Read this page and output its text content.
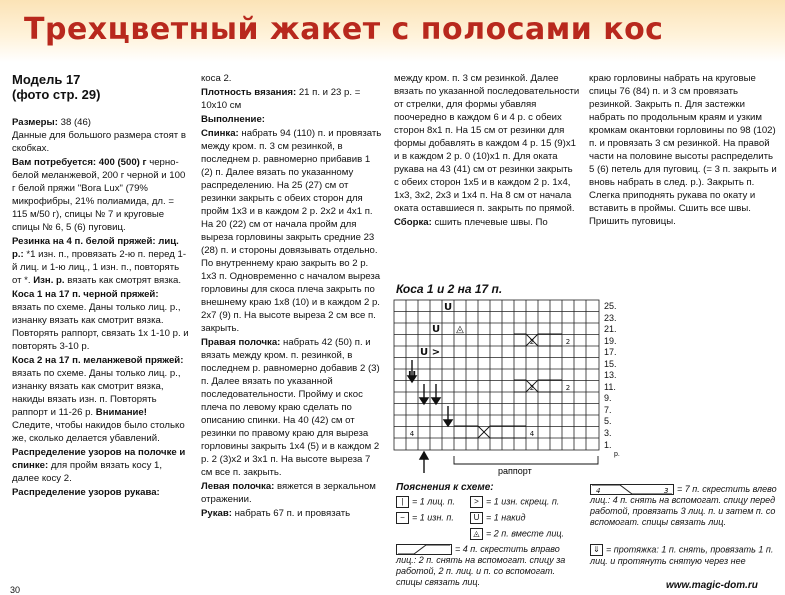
Трехцветный жакет с полосами кос

Модель 17
(фото стр. 29)

Размеры: 38 (46)
Данные для большого размера стоят в скобках.

Вам потребуется: 400 (500) г черно-белой меланжевой, 200 г черной и 100 г белой пряжи "Bora Lux" (79% микрофибры, 21% полиамида, дл. = 115 м/50 г), спицы № 7 и круговые спицы № 6, 5 (6) пуговиц.

Резинка на 4 п. белой пряжей: лиц. р.: *1 изн. п., провязать 2-ю п. перед 1-й лиц. и 1-ю лиц., 1 изн. п., повторять от *. Изн. р. вязать как смотрят вязка.

Коса 1 на 17 п. черной пряжей: вязать по схеме. Даны только лиц. р., изнанку вязать как смотрит вязка. Повторять раппорт, связать 1х 1-10 р. и повторять 3-10 р.

Коса 2 на 17 п. меланжевой пряжей: вязать по схеме. Даны только лиц. р., изнанку вязать как смотрит вязка, накиды вязать изн. п. Повторять раппорт и 11-26 р. Внимание! Следите, чтобы накидов было столько же, сколько делается убавлений.

Распределение узоров на полочке и спинке: для пройм вязать косу 1, далее косу 2.

Распределение узоров рукава:

коса 2.

Плотность вязания: 21 п. и 23 р. = 10х10 см

Выполнение:

Спинка: набрать 94 (110) п. и провязать между кром. п. 3 см резинкой, в последнем р. равномерно прибавив 1 (2) п. Далее вязать по указанному распределению. На 25 (27) см от резинки закрыть с обеих сторон для пройм 1х3 и в каждом 2 р. 2х2 и 4х1 п. На 20 (22) см от начала пройм для выреза горловины закрыть средние 23 (28) п. и стороны довязывать отдельно. По внутреннему краю закрыть во 2 р. 1х3 п. Одновременно с началом выреза горловины для скоса плеча закрыть по внешнему краю 1х8 (10) и в каждом 2 р. 2х7 (9) п. На высоте выреза 2 см все п. закрыть.

Правая полочка: набрать 42 (50) п. и вязать между кром. п. резинкой, в последнем р. равномерно добавив 2 (3) п. Далее вязать по указанной последовательности. Пройму и скос плеча по левому краю сделать по описанию спинки. На 40 (42) см от резинки по правому краю для выреза горловины закрыть 1х4 (5) и в каждом 2 р. 2 (3)х2 и 3х1 п. На высоте выреза 7 см все п. закрыть.

Левая полочка: вяжется в зеркальном отражении.

Рукав: набрать 67 п. и провязать

между кром. п. 3 см резинкой. Далее вязать по указанной последовательности от стрелки, для формы убавляя поочередно в каждом 6 и 4 р. с обеих сторон 8х1 п. На 15 см от резинки для формы добавлять в каждом 4 р. 15 (9)х1 и в каждом 2 р. 0 (10)х1 п. Для оката рукава на 43 (41) см от резинки закрыть с обеих сторон 1х5 и в каждом 2 р. 1х4, 1х3, 3х2, 2х3 и 1х4 п. На 8 см от начала оката оставшиеся п. закрыть по прямой.

Сборка: сшить плечевые швы. По

краю горловины набрать на круговые спицы 76 (84) п. и 3 см провязать резинкой. Закрыть п. Для застежки набрать по продольным краям и узким кромкам окантовки горловины по 98 (102) п. и провязать 3 см резинкой. На правой части на половине высоты распределить 5 (6) петель для пуговиц. (= 3 п. закрыть и вновь набрать в след. р.). Закрыть п. Слегка приподнять рукава по окату и вставить в проймы. Сшить все швы. Пришить пуговицы.

Коса 1 и 2 на 17 п.
U
U
U
◬
>
2	2
2	2
4	4
25.
23.
21.
19.
17.
15.
13.
11.
9.
7.
5.
3.
1.
р.
раппорт
Пояснения к схеме:
| = 1 лиц. п.
− = 1 изн. п.
> = 1 изн. скрещ. п.
U = 1 накид
◬ = 2 п. вместе лиц.
= 4 п. скрестить вправо лиц.: 2 п. снять на вспомогат. спицу за работой, 2 п. лиц. и п. со вспомогат. спицы связать лиц.
4	3 = 7 п. скрестить влево лиц.: 4 п. снять на вспомогат. спицу перед работой, провязать 3 лиц. п. и затем п. со вспомогат. спицы связать лиц.
⇓ = протяжка: 1 п. снять, провязать 1 п. лиц. и протянуть снятую через нее
www.magic-dom.ru
30
